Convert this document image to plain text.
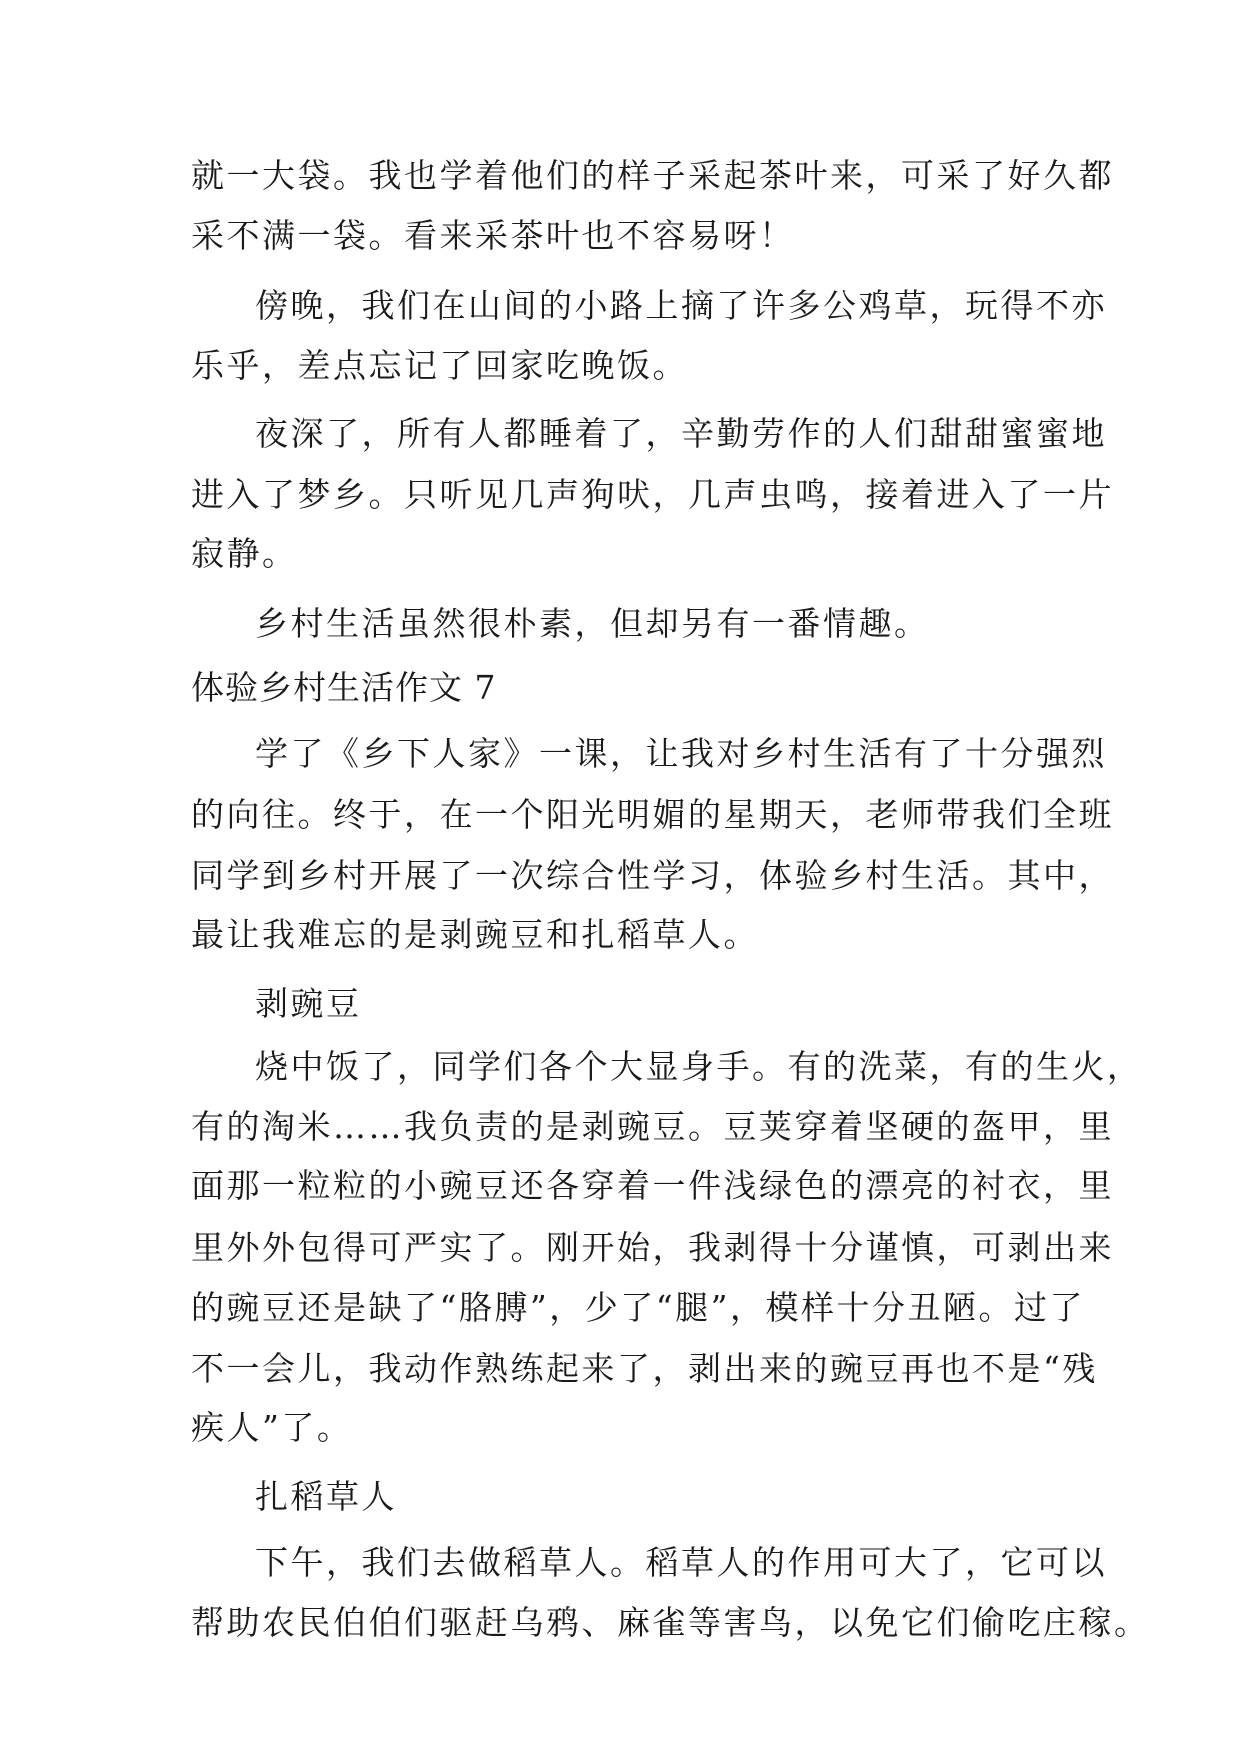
就一大袋。我也学着他们的样子采起茶叶来，可采了好久都
采不满一袋。看来采茶叶也不容易呀！
傍晚，我们在山间的小路上摘了许多公鸡草，玩得不亦
乐乎，差点忘记了回家吃晚饭。
夜深了，所有人都睡着了，辛勤劳作的人们甜甜蜜蜜地
进入了梦乡。只听见几声狗吠，几声虫鸣，接着进入了一片
寂静。
乡村生活虽然很朴素，但却另有一番情趣。
体验乡村生活作文 7
学了《乡下人家》一课，让我对乡村生活有了十分强烈
的向往。终于，在一个阳光明媚的星期天，老师带我们全班
同学到乡村开展了一次综合性学习，体验乡村生活。其中，
最让我难忘的是剥豌豆和扎稻草人。
剥豌豆
烧中饭了，同学们各个大显身手。有的洗菜，有的生火，
有的淘米……我负责的是剥豌豆。豆荚穿着坚硬的盔甲，里
面那一粒粒的小豌豆还各穿着一件浅绿色的漂亮的衬衣，里
里外外包得可严实了。刚开始，我剥得十分谨慎，可剥出来
的豌豆还是缺了“胳膊”，少了“腿”，模样十分丑陋。过了
不一会儿，我动作熟练起来了，剥出来的豌豆再也不是“残
疾人”了。
扎稻草人
下午，我们去做稻草人。稻草人的作用可大了，它可以
帮助农民伯伯们驱赶乌鸦、麻雀等害鸟，以免它们偷吃庄稼。
